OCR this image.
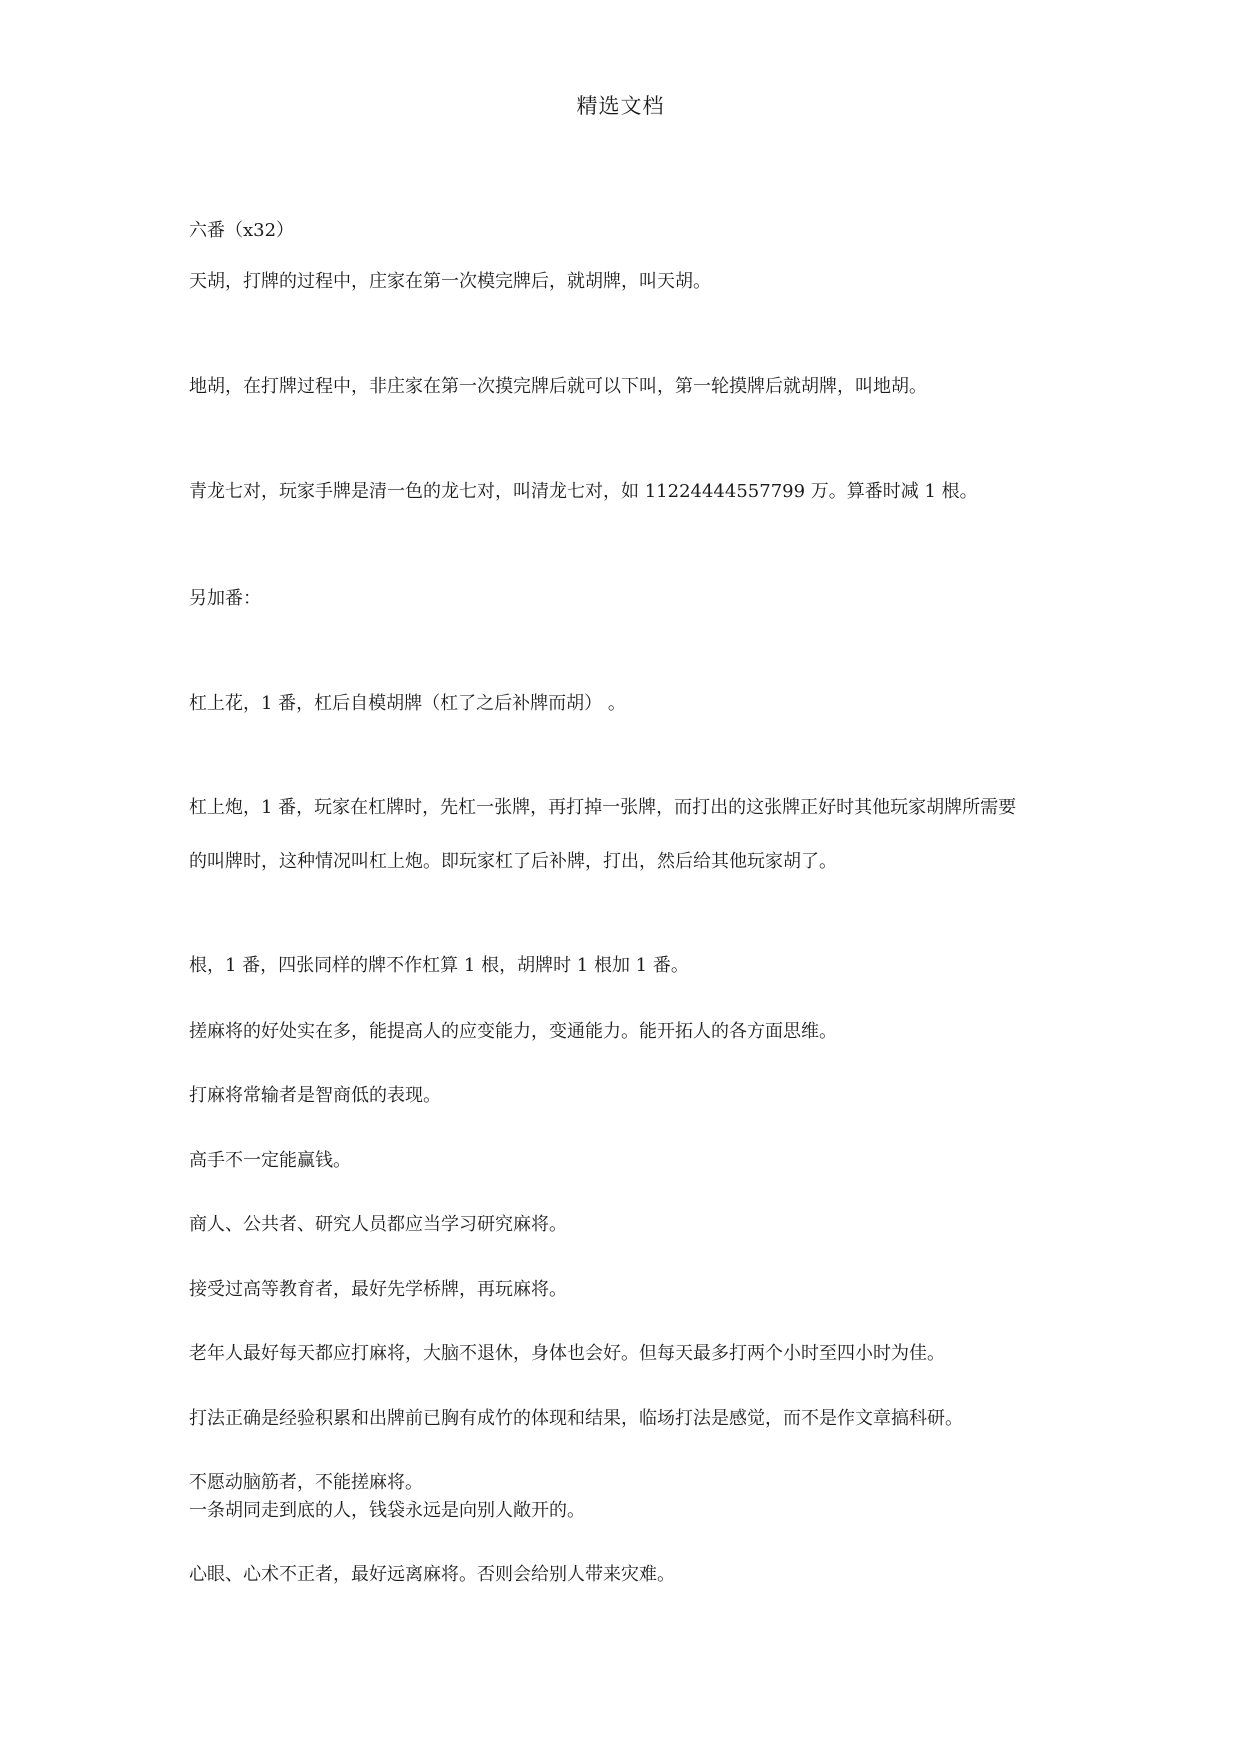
精选文档
六番（x32）
天胡，打牌的过程中，庄家在第一次模完牌后，就胡牌，叫天胡。
地胡，在打牌过程中，非庄家在第一次摸完牌后就可以下叫，第一轮摸牌后就胡牌，叫地胡。
青龙七对，玩家手牌是清一色的龙七对，叫清龙七对，如 11224444557799 万。算番时减 1 根。
另加番：
杠上花，1 番，杠后自模胡牌（杠了之后补牌而胡） 。
杠上炮，1 番，玩家在杠牌时，先杠一张牌，再打掉一张牌，而打出的这张牌正好时其他玩家胡牌所需要
的叫牌时，这种情况叫杠上炮。即玩家杠了后补牌，打出，然后给其他玩家胡了。
根，1 番，四张同样的牌不作杠算 1 根，胡牌时 1 根加 1 番。
搓麻将的好处实在多，能提高人的应变能力，变通能力。能开拓人的各方面思维。
打麻将常输者是智商低的表现。
高手不一定能赢钱。
商人、公共者、研究人员都应当学习研究麻将。
接受过高等教育者，最好先学桥牌，再玩麻将。
老年人最好每天都应打麻将，大脑不退休，身体也会好。但每天最多打两个小时至四小时为佳。
打法正确是经验积累和出牌前已胸有成竹的体现和结果，临场打法是感觉，而不是作文章搞科研。
不愿动脑筋者，不能搓麻将。
一条胡同走到底的人，钱袋永远是向别人敞开的。
心眼、心术不正者，最好远离麻将。否则会给别人带来灾难。
